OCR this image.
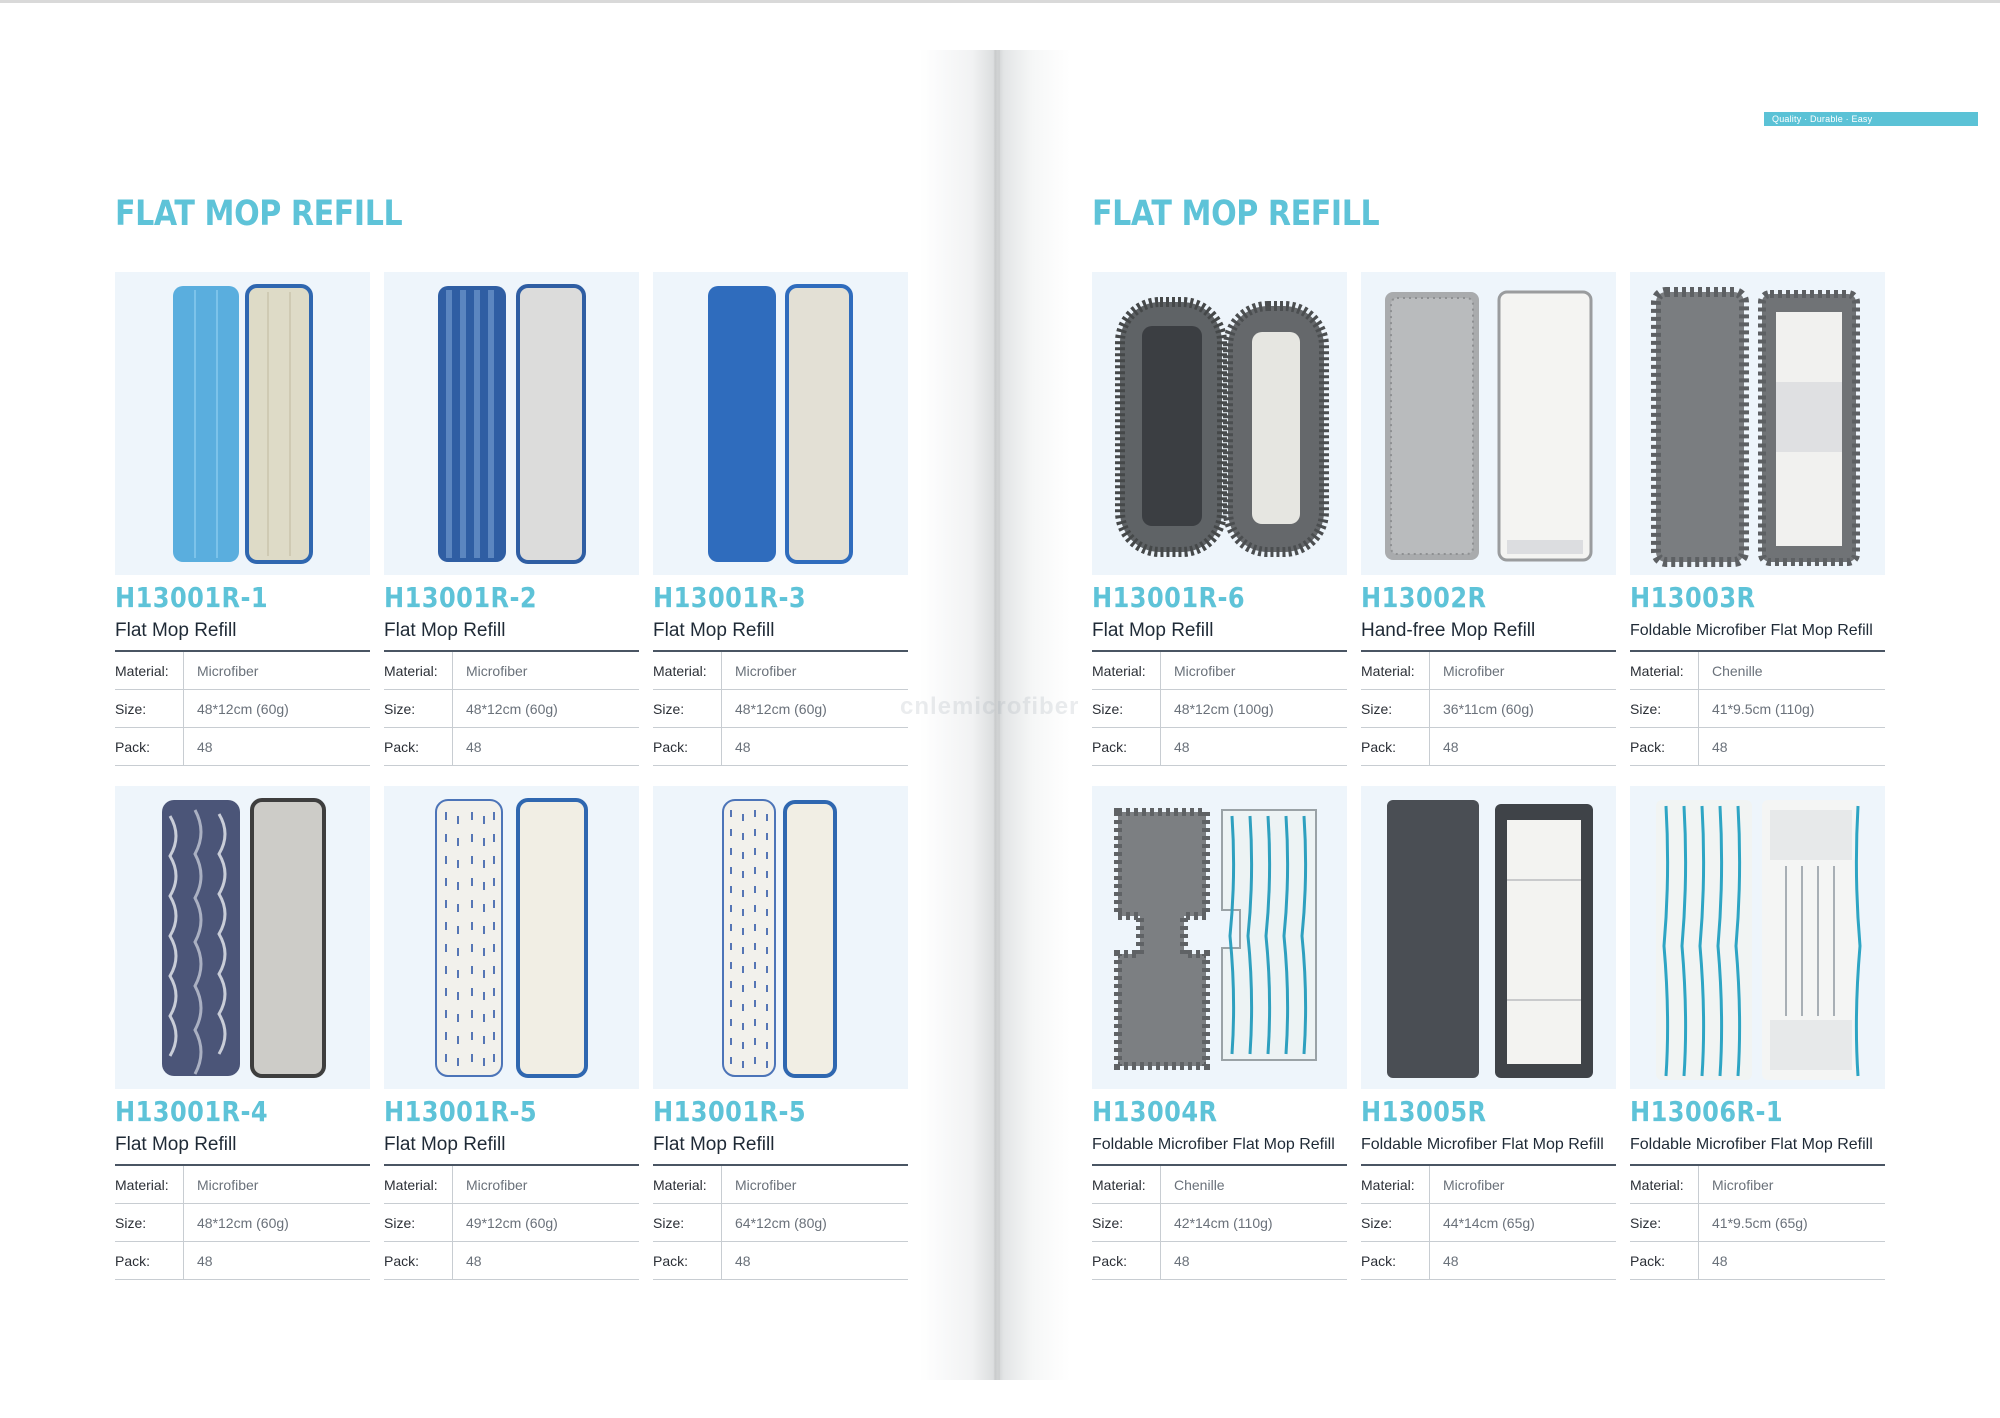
FLAT MOP REFILL
H13001R-1
Flat Mop Refill
Material:	Microfiber
Size:	48*12cm (60g)
Pack:	48
H13001R-2
Flat Mop Refill
Material:	Microfiber
Size:	48*12cm (60g)
Pack:	48
H13001R-3
Flat Mop Refill
Material:	Microfiber
Size:	48*12cm (60g)
Pack:	48
H13001R-4
Flat Mop Refill
Material:	Microfiber
Size:	48*12cm (60g)
Pack:	48
H13001R-5
Flat Mop Refill
Material:	Microfiber
Size:	49*12cm (60g)
Pack:	48
H13001R-5
Flat Mop Refill
Material:	Microfiber
Size:	64*12cm (80g)
Pack:	48
Quality · Durable · Easy
FLAT MOP REFILL
H13001R-6
Flat Mop Refill
Material:	Microfiber
Size:	48*12cm (100g)
Pack:	48
H13002R
Hand-free Mop Refill
Material:	Microfiber
Size:	36*11cm (60g)
Pack:	48
H13003R
Foldable Microfiber Flat Mop Refill
Material:	Chenille
Size:	41*9.5cm (110g)
Pack:	48
H13004R
Foldable Microfiber Flat Mop Refill
Material:	Chenille
Size:	42*14cm (110g)
Pack:	48
H13005R
Foldable Microfiber Flat Mop Refill
Material:	Microfiber
Size:	44*14cm (65g)
Pack:	48
H13006R-1
Foldable Microfiber Flat Mop Refill
Material:	Microfiber
Size:	41*9.5cm (65g)
Pack:	48
cnlemicrofiber
